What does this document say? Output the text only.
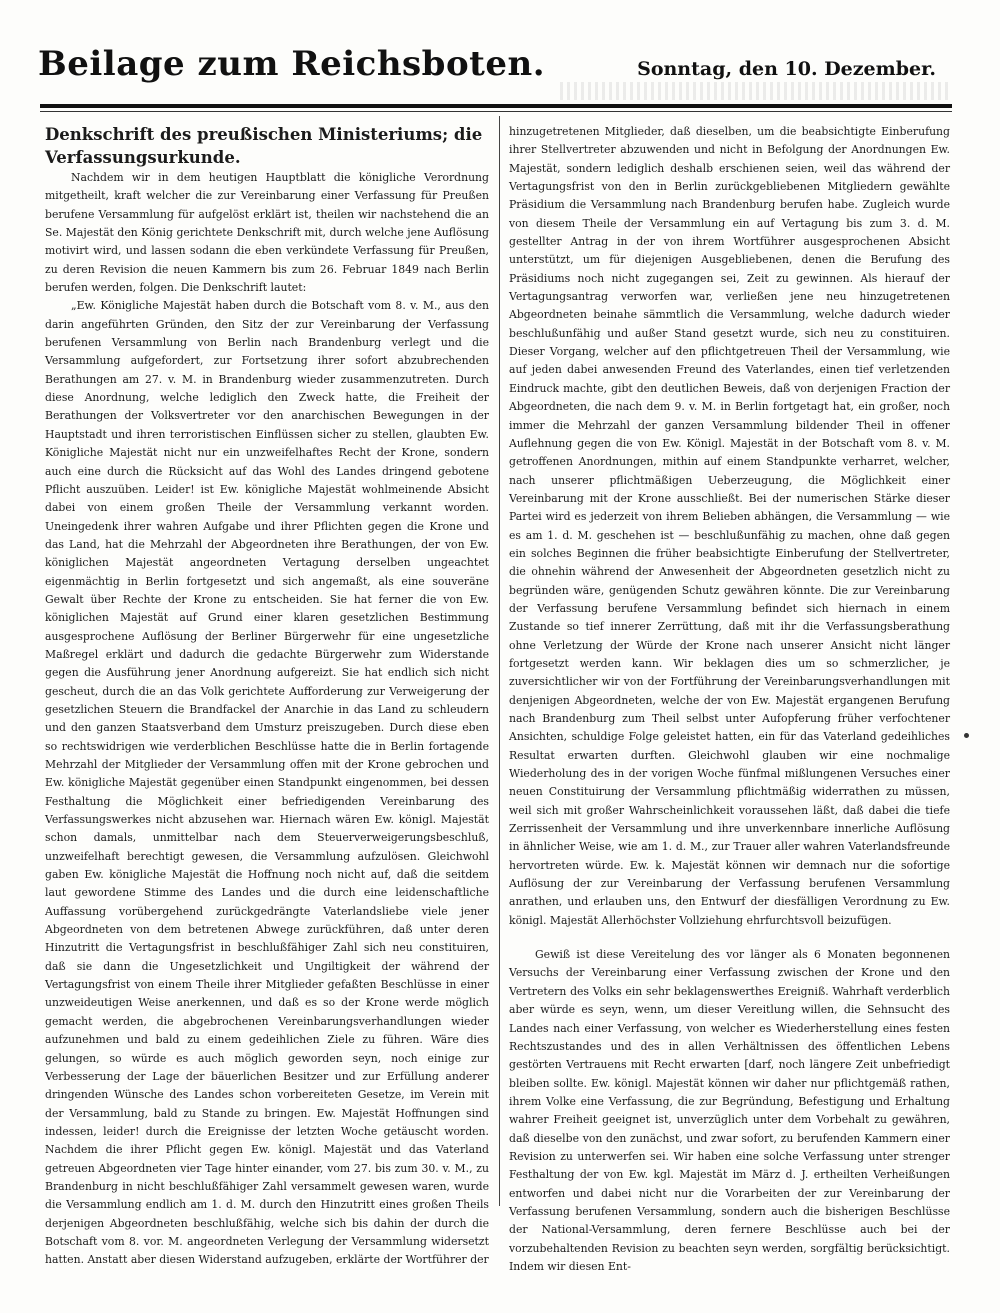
Beilage zum Reichsboten.	Sonntag, den 10. Dezember.

Denkschrift des preußischen Ministeriums; die Verfassungsurkunde.

Nachdem wir in dem heutigen Hauptblatt die königliche Verordnung mitgetheilt, kraft welcher die zur Vereinbarung einer Verfassung für Preußen berufene Versammlung für aufgelöst erklärt ist, theilen wir nachstehend die an Se. Majestät den König gerichtete Denkschrift mit, durch welche jene Auflösung motivirt wird, und lassen sodann die eben verkündete Verfassung für Preußen, zu deren Revision die neuen Kammern bis zum 26. Februar 1849 nach Berlin berufen werden, folgen. Die Denkschrift lautet:

„Ew. Königliche Majestät haben durch die Botschaft vom 8. v. M., aus den darin angeführten Gründen, den Sitz der zur Vereinbarung der Verfassung berufenen Versammlung von Berlin nach Brandenburg verlegt und die Versammlung aufgefordert, zur Fortsetzung ihrer sofort abzubrechenden Berathungen am 27. v. M. in Brandenburg wieder zusammenzutreten. Durch diese Anordnung, welche lediglich den Zweck hatte, die Freiheit der Berathungen der Volksvertreter vor den anarchischen Bewegungen in der Hauptstadt und ihren terroristischen Einflüssen sicher zu stellen, glaubten Ew. Königliche Majestät nicht nur ein unzweifelhaftes Recht der Krone, sondern auch eine durch die Rücksicht auf das Wohl des Landes dringend gebotene Pflicht auszuüben. Leider! ist Ew. königliche Majestät wohlmeinende Absicht dabei von einem großen Theile der Versammlung verkannt worden. Uneingedenk ihrer wahren Aufgabe und ihrer Pflichten gegen die Krone und das Land, hat die Mehrzahl der Abgeordneten ihre Berathungen, der von Ew. königlichen Majestät angeordneten Vertagung derselben ungeachtet eigenmächtig in Berlin fortgesetzt und sich angemaßt, als eine souveräne Gewalt über Rechte der Krone zu entscheiden. Sie hat ferner die von Ew. königlichen Majestät auf Grund einer klaren gesetzlichen Bestimmung ausgesprochene Auflösung der Berliner Bürgerwehr für eine ungesetzliche Maßregel erklärt und dadurch die gedachte Bürgerwehr zum Widerstande gegen die Ausführung jener Anordnung aufgereizt. Sie hat endlich sich nicht gescheut, durch die an das Volk gerichtete Aufforderung zur Verweigerung der gesetzlichen Steuern die Brandfackel der Anarchie in das Land zu schleudern und den ganzen Staatsverband dem Umsturz preiszugeben. Durch diese eben so rechtswidrigen wie verderblichen Beschlüsse hatte die in Berlin fortagende Mehrzahl der Mitglieder der Versammlung offen mit der Krone gebrochen und Ew. königliche Majestät gegenüber einen Standpunkt eingenommen, bei dessen Festhaltung die Möglichkeit einer befriedigenden Vereinbarung des Verfassungswerkes nicht abzusehen war. Hiernach wären Ew. königl. Majestät schon damals, unmittelbar nach dem Steuerverweigerungsbeschluß, unzweifelhaft berechtigt gewesen, die Versammlung aufzulösen. Gleichwohl gaben Ew. königliche Majestät die Hoffnung noch nicht auf, daß die seitdem laut gewordene Stimme des Landes und die durch eine leidenschaftliche Auffassung vorübergehend zurückgedrängte Vaterlandsliebe viele jener Abgeordneten von dem betretenen Abwege zurückführen, daß unter deren Hinzutritt die Vertagungsfrist in beschlußfähiger Zahl sich neu constituiren, daß sie dann die Ungesetzlichkeit und Ungiltigkeit der während der Vertagungsfrist von einem Theile ihrer Mitglieder gefaßten Beschlüsse in einer unzweideutigen Weise anerkennen, und daß es so der Krone werde möglich gemacht werden, die abgebrochenen Vereinbarungsverhandlungen wieder aufzunehmen und bald zu einem gedeihlichen Ziele zu führen. Wäre dies gelungen, so würde es auch möglich geworden seyn, noch einige zur Verbesserung der Lage der bäuerlichen Besitzer und zur Erfüllung anderer dringenden Wünsche des Landes schon vorbereiteten Gesetze, im Verein mit der Versammlung, bald zu Stande zu bringen. Ew. Majestät Hoffnungen sind indessen, leider! durch die Ereignisse der letzten Woche getäuscht worden. Nachdem die ihrer Pflicht gegen Ew. königl. Majestät und das Vaterland getreuen Abgeordneten vier Tage hinter einander, vom 27. bis zum 30. v. M., zu Brandenburg in nicht beschlußfähiger Zahl versammelt gewesen waren, wurde die Versammlung endlich am 1. d. M. durch den Hinzutritt eines großen Theils derjenigen Abgeordneten beschlußfähig, welche sich bis dahin der durch die Botschaft vom 8. vor. M. angeordneten Verlegung der Versammlung widersetzt hatten. Anstatt aber diesen Widerstand aufzugeben, erklärte der Wortführer der

hinzugetretenen Mitglieder, daß dieselben, um die beabsichtigte Einberufung ihrer Stellvertreter abzuwenden und nicht in Befolgung der Anordnungen Ew. Majestät, sondern lediglich deshalb erschienen seien, weil das während der Vertagungsfrist von den in Berlin zurückgebliebenen Mitgliedern gewählte Präsidium die Versammlung nach Brandenburg berufen habe. Zugleich wurde von diesem Theile der Versammlung ein auf Vertagung bis zum 3. d. M. gestellter Antrag in der von ihrem Wortführer ausgesprochenen Absicht unterstützt, um für diejenigen Ausgebliebenen, denen die Berufung des Präsidiums noch nicht zugegangen sei, Zeit zu gewinnen. Als hierauf der Vertagungsantrag verworfen war, verließen jene neu hinzugetretenen Abgeordneten beinahe sämmtlich die Versammlung, welche dadurch wieder beschlußunfähig und außer Stand gesetzt wurde, sich neu zu constituiren. Dieser Vorgang, welcher auf den pflichtgetreuen Theil der Versammlung, wie auf jeden dabei anwesenden Freund des Vaterlandes, einen tief verletzenden Eindruck machte, gibt den deutlichen Beweis, daß von derjenigen Fraction der Abgeordneten, die nach dem 9. v. M. in Berlin fortgetagt hat, ein großer, noch immer die Mehrzahl der ganzen Versammlung bildender Theil in offener Auflehnung gegen die von Ew. Königl. Majestät in der Botschaft vom 8. v. M. getroffenen Anordnungen, mithin auf einem Standpunkte verharret, welcher, nach unserer pflichtmäßigen Ueberzeugung, die Möglichkeit einer Vereinbarung mit der Krone ausschließt. Bei der numerischen Stärke dieser Partei wird es jederzeit von ihrem Belieben abhängen, die Versammlung — wie es am 1. d. M. geschehen ist — beschlußunfähig zu machen, ohne daß gegen ein solches Beginnen die früher beabsichtigte Einberufung der Stellvertreter, die ohnehin während der Anwesenheit der Abgeordneten gesetzlich nicht zu begründen wäre, genügenden Schutz gewähren könnte. Die zur Vereinbarung der Verfassung berufene Versammlung befindet sich hiernach in einem Zustande so tief innerer Zerrüttung, daß mit ihr die Verfassungsberathung ohne Verletzung der Würde der Krone nach unserer Ansicht nicht länger fortgesetzt werden kann. Wir beklagen dies um so schmerzlicher, je zuversichtlicher wir von der Fortführung der Vereinbarungsverhandlungen mit denjenigen Abgeordneten, welche der von Ew. Majestät ergangenen Berufung nach Brandenburg zum Theil selbst unter Aufopferung früher verfochtener Ansichten, schuldige Folge geleistet hatten, ein für das Vaterland gedeihliches Resultat erwarten durften. Gleichwohl glauben wir eine nochmalige Wiederholung des in der vorigen Woche fünfmal mißlungenen Versuches einer neuen Constituirung der Versammlung pflichtmäßig widerrathen zu müssen, weil sich mit großer Wahrscheinlichkeit voraussehen läßt, daß dabei die tiefe Zerrissenheit der Versammlung und ihre unverkennbare innerliche Auflösung in ähnlicher Weise, wie am 1. d. M., zur Trauer aller wahren Vaterlandsfreunde hervortreten würde. Ew. k. Majestät können wir demnach nur die sofortige Auflösung der zur Vereinbarung der Verfassung berufenen Versammlung anrathen, und erlauben uns, den Entwurf der diesfälligen Verordnung zu Ew. königl. Majestät Allerhöchster Vollziehung ehrfurchtsvoll beizufügen.

Gewiß ist diese Vereitelung des vor länger als 6 Monaten begonnenen Versuchs der Vereinbarung einer Verfassung zwischen der Krone und den Vertretern des Volks ein sehr beklagenswerthes Ereigniß. Wahrhaft verderblich aber würde es seyn, wenn, um dieser Vereitlung willen, die Sehnsucht des Landes nach einer Verfassung, von welcher es Wiederherstellung eines festen Rechtszustandes und des in allen Verhältnissen des öffentlichen Lebens gestörten Vertrauens mit Recht erwarten [darf, noch längere Zeit unbefriedigt bleiben sollte. Ew. königl. Majestät können wir daher nur pflichtgemäß rathen, ihrem Volke eine Verfassung, die zur Begründung, Befestigung und Erhaltung wahrer Freiheit geeignet ist, unverzüglich unter dem Vorbehalt zu gewähren, daß dieselbe von den zunächst, und zwar sofort, zu berufenden Kammern einer Revision zu unterwerfen sei. Wir haben eine solche Verfassung unter strenger Festhaltung der von Ew. kgl. Majestät im März d. J. ertheilten Verheißungen entworfen und dabei nicht nur die Vorarbeiten der zur Vereinbarung der Verfassung berufenen Versammlung, sondern auch die bisherigen Beschlüsse der National-Versammlung, deren fernere Beschlüsse auch bei der vorzubehaltenden Revision zu beachten seyn werden, sorgfältig berücksichtigt. Indem wir diesen Ent-
